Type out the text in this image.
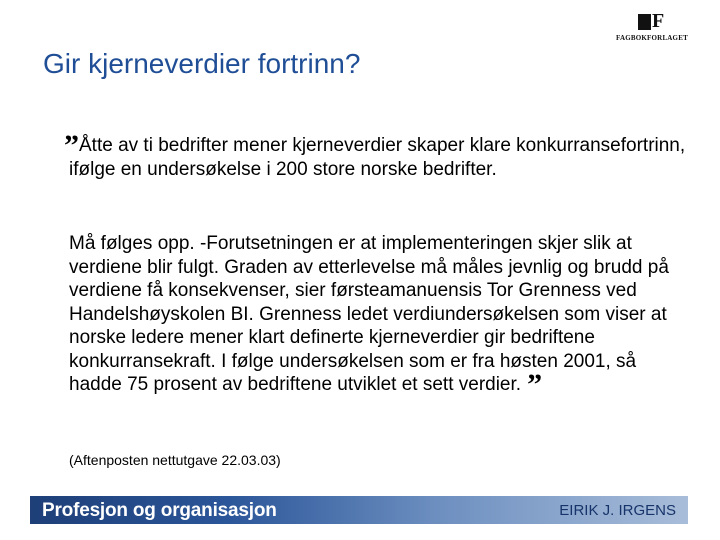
F
FAGBOKFORLAGET
Gir kjerneverdier fortrinn?

”Åtte av ti bedrifter mener kjerneverdier skaper klare konkurransefortrinn, ifølge en undersøkelse i 200 store norske bedrifter.

Må følges opp. -Forutsetningen er at implementeringen skjer slik at verdiene blir fulgt. Graden av etterlevelse må måles jevnlig og brudd på verdiene få konsekvenser, sier førsteamanuensis Tor Grenness ved Handelshøyskolen BI. Grenness ledet verdiundersøkelsen som viser at norske ledere mener klart definerte kjerneverdier gir bedriftene konkurransekraft. I følge undersøkelsen som er fra høsten 2001, så hadde 75 prosent av bedriftene utviklet et sett verdier. ”

(Aftenposten nettutgave 22.03.03)

Profesjon og organisasjon	EIRIK J. IRGENS
